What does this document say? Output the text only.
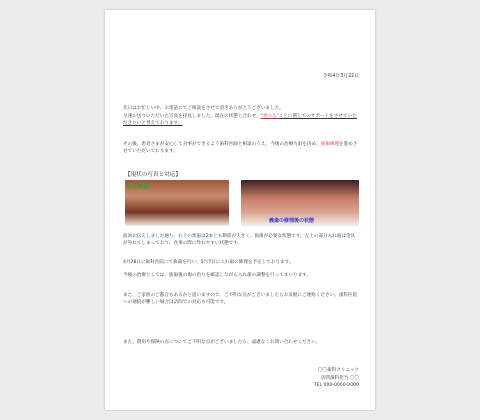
令和4年3月22日
先日はお忙しい中、お電話にてご相談をさせて頂きありがとうございました。
早速お送りいただいた写真を拝見しました。現在の状態と合わせ、"食べる"ことに関してのサポートをさせていただきたいと考えております。
その後、患者さまが安心して食事ができるよう歯科医師と相談のうえ、今後の治療方針を決め、義歯修理を進めさせていただいております。
【現状の写真と対応】
右上奥歯
義歯の修理後の状態
前回お伝えしました通り、右上の奥歯は2本とも動揺が大きく、抜歯が必要な状態です。左上の部分入れ歯は金具が外れてしまっており、食事の際に外れやすい状態です。
4月28日に歯科医院にて抜歯を行い、5月7日に入れ歯の修理を予定しております。
今後の治療としては、抜歯後の傷の治りを確認しながら入れ歯の調整を行ってまいります。
また、ご家族のご都合もあるかと思いますので、ご不明な点がございましたらお気軽にご連絡ください。歯科医院への通院が難しい場合は訪問での対応も可能です。
また、費用や保険の点についてご不明な点がございましたら、遠慮なくお問い合わせください。
〇〇歯科クリニック
訪問歯科担当 〇〇
TEL 000-0000-0000
